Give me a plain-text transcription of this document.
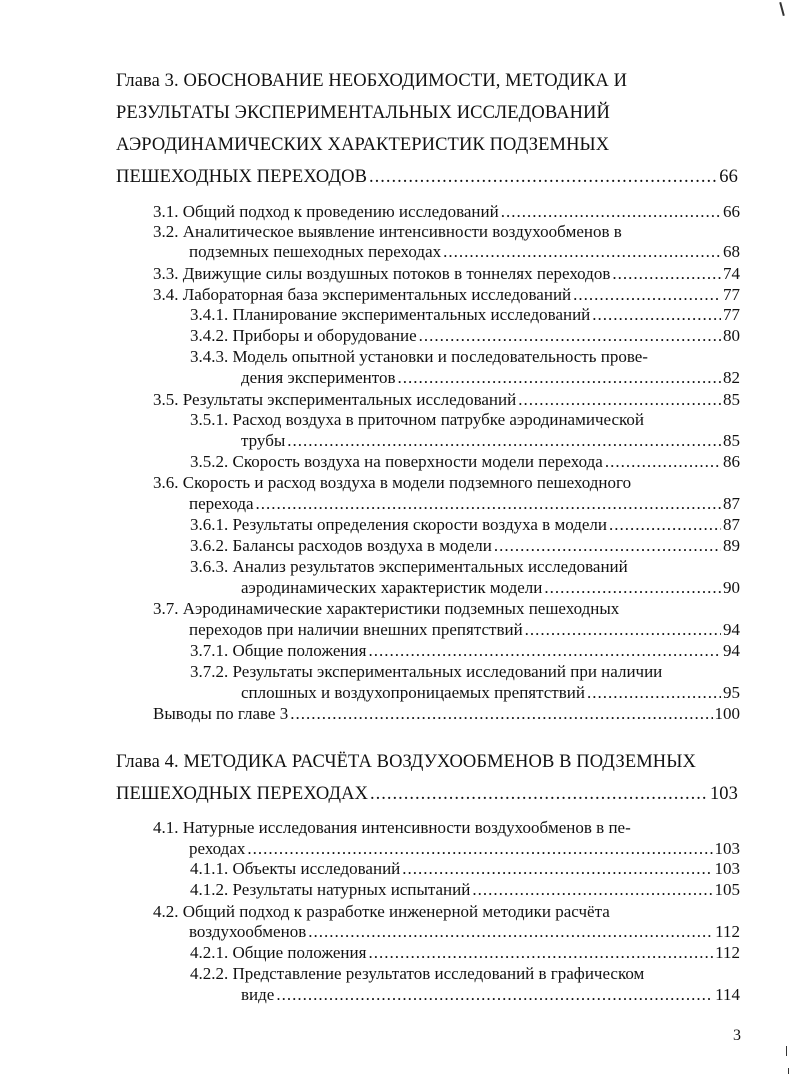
Глава 3. ОБОСНОВАНИЕ НЕОБХОДИМОСТИ, МЕТОДИКА И
РЕЗУЛЬТАТЫ ЭКСПЕРИМЕНТАЛЬНЫХ ИССЛЕДОВАНИЙ
АЭРОДИНАМИЧЕСКИХ ХАРАКТЕРИСТИК ПОДЗЕМНЫХ
ПЕШЕХОДНЫХ ПЕРЕХОДОВ .....	66
3.1. Общий подход к проведению исследований .....	66
3.2. Аналитическое выявление интенсивности воздухообменов в
подземных пешеходных переходах .....	68
3.3. Движущие силы воздушных потоков в тоннелях переходов .....	74
3.4. Лабораторная база экспериментальных исследований .....	77
3.4.1. Планирование экспериментальных исследований .....	77
3.4.2. Приборы и оборудование .....	80
3.4.3. Модель опытной установки и последовательность прове-
дения экспериментов .....	82
3.5. Результаты экспериментальных исследований .....	85
3.5.1. Расход воздуха в приточном патрубке аэродинамической
трубы .....	85
3.5.2. Скорость воздуха на поверхности модели перехода .....	86
3.6. Скорость и расход воздуха в модели подземного пешеходного
перехода .....	87
3.6.1. Результаты определения скорости воздуха в модели .....	87
3.6.2. Балансы расходов воздуха в модели .....	89
3.6.3. Анализ результатов экспериментальных исследований
аэродинамических характеристик модели .....	90
3.7. Аэродинамические характеристики подземных пешеходных
переходов при наличии внешних препятствий .....	94
3.7.1. Общие положения .....	94
3.7.2. Результаты экспериментальных исследований при наличии
сплошных и воздухопроницаемых препятствий .....	95
Выводы по главе 3 .....	100
Глава 4. МЕТОДИКА РАСЧЁТА ВОЗДУХООБМЕНОВ В ПОДЗЕМНЫХ
ПЕШЕХОДНЫХ ПЕРЕХОДАХ .....	103
4.1. Натурные исследования интенсивности воздухообменов в пе-
реходах .....	103
4.1.1. Объекты исследований .....	103
4.1.2. Результаты натурных испытаний .....	105
4.2. Общий подход к разработке инженерной методики расчёта
воздухообменов .....	112
4.2.1. Общие положения .....	112
4.2.2. Представление результатов исследований в графическом
виде .....	114
3
